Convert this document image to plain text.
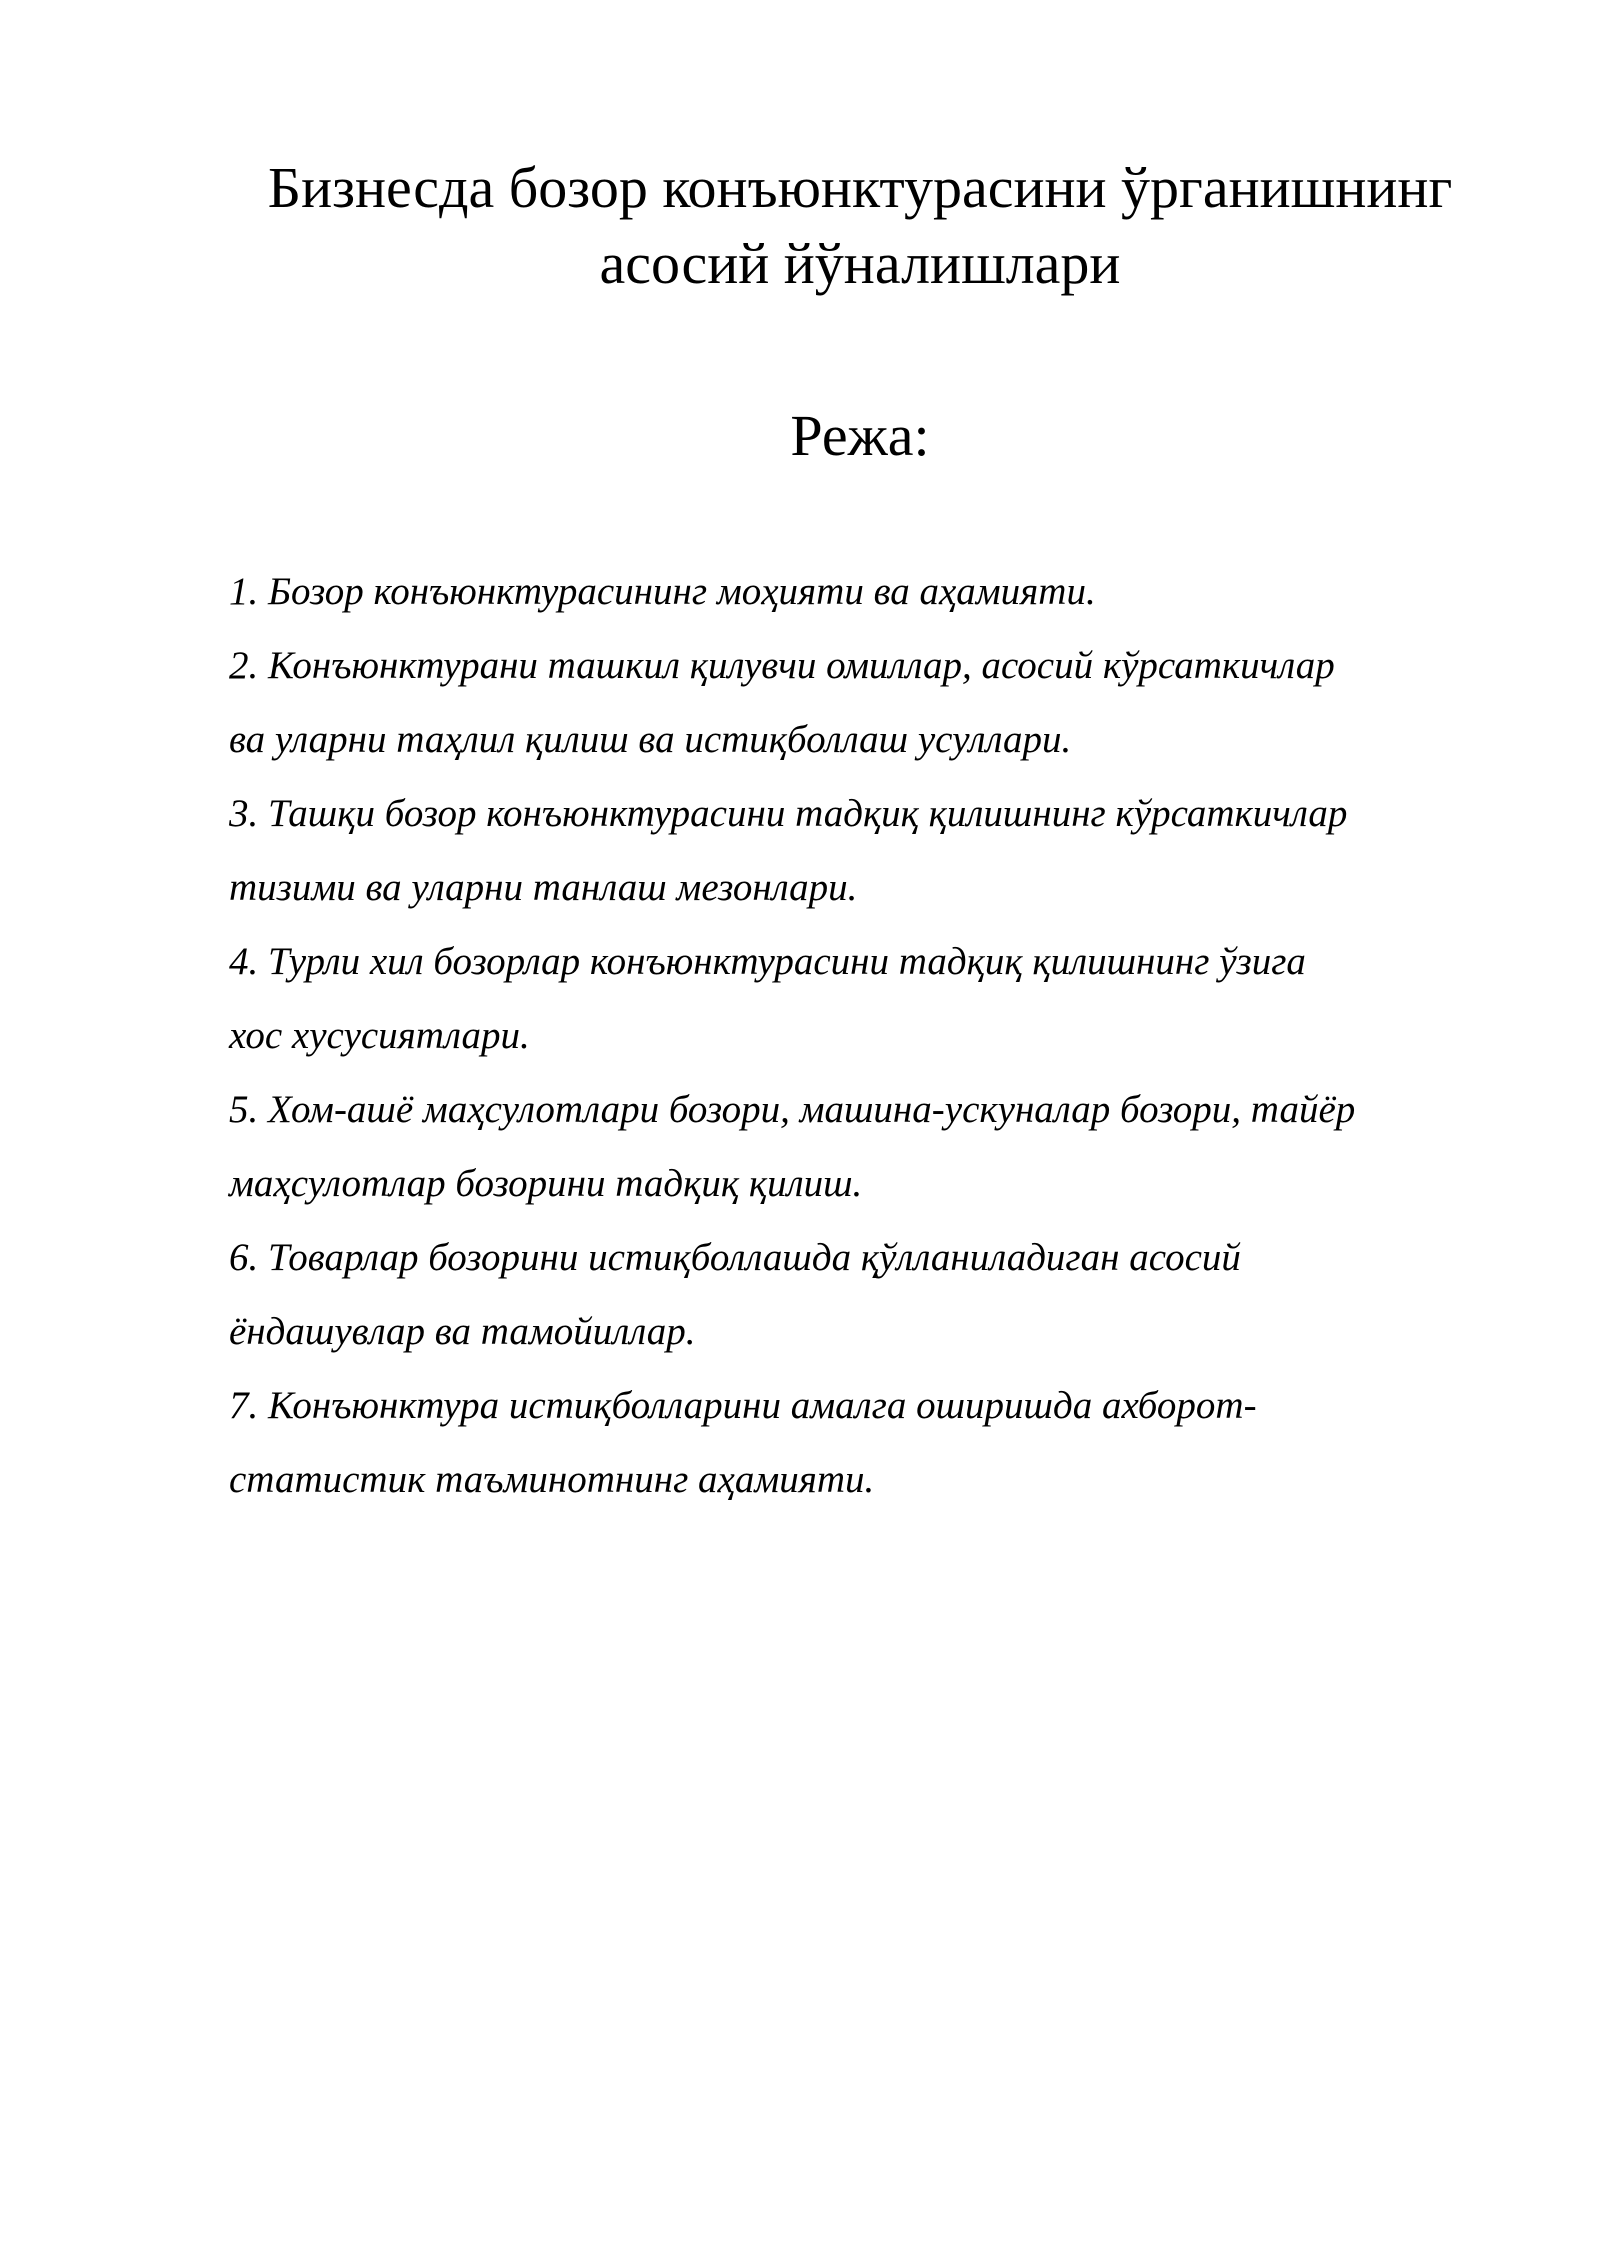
Бизнесда бозор конъюнктурасини ўрганишнинг
асосий йўналишлари
Режа:
1. Бозор конъюнктурасининг моҳияти ва аҳамияти.
2. Конъюнктурани ташкил қилувчи омиллар, асосий кўрсаткичлар
ва уларни таҳлил қилиш ва истиқболлаш усуллари.
3. Ташқи бозор конъюнктурасини тадқиқ қилишнинг кўрсаткичлар
тизими ва уларни танлаш мезонлари.
4. Турли хил бозорлар конъюнктурасини тадқиқ қилишнинг ўзига
хос хусусиятлари.
5. Хом-ашё маҳсулотлари бозори, машина-ускуналар бозори, тайёр
маҳсулотлар бозорини тадқиқ қилиш.
6. Товарлар бозорини истиқболлашда қўлланиладиган асосий
ёндашувлар ва тамойиллар.
7. Конъюнктура истиқболларини амалга оширишда ахборот-
статистик таъминотнинг аҳамияти.
